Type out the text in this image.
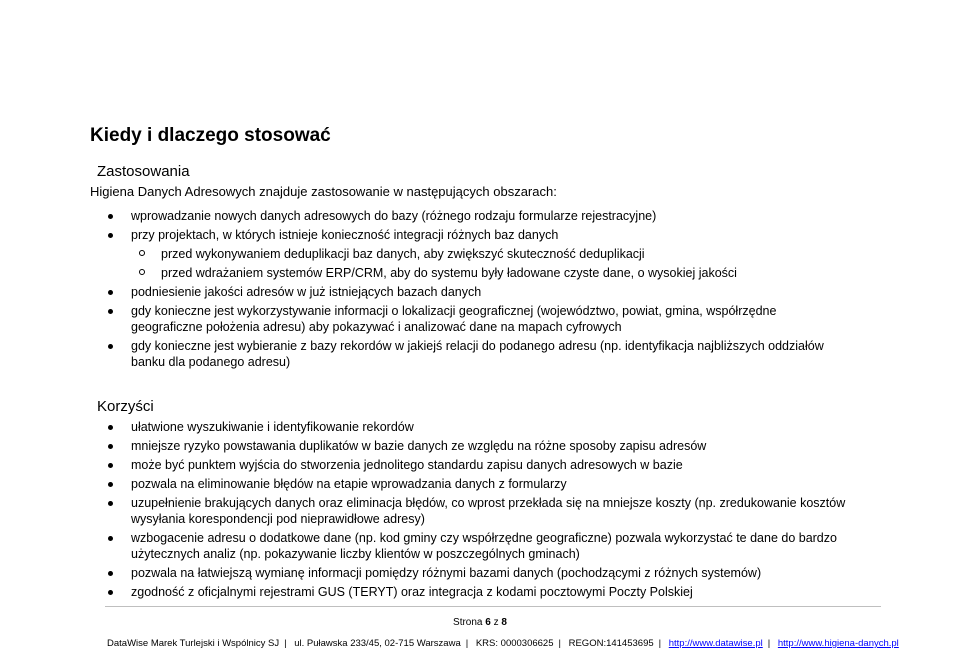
Kiedy i dlaczego stosować
Zastosowania
Higiena Danych Adresowych znajduje zastosowanie w następujących obszarach:
wprowadzanie nowych danych adresowych do bazy (różnego rodzaju formularze rejestracyjne)
przy projektach, w których istnieje konieczność integracji różnych baz danych
przed wykonywaniem deduplikacji baz danych, aby zwiększyć skuteczność deduplikacji
przed wdrażaniem systemów ERP/CRM, aby do systemu były ładowane czyste dane, o wysokiej jakości
podniesienie jakości adresów w już istniejących bazach danych
gdy konieczne jest wykorzystywanie informacji o lokalizacji geograficznej (województwo, powiat, gmina, współrzędne geograficzne położenia adresu) aby pokazywać i analizować dane na mapach cyfrowych
gdy konieczne jest wybieranie z bazy rekordów w jakiejś relacji do podanego adresu (np. identyfikacja najbliższych oddziałów banku dla podanego adresu)
Korzyści
ułatwione wyszukiwanie i identyfikowanie rekordów
mniejsze ryzyko powstawania duplikatów w bazie danych ze względu na różne sposoby zapisu adresów
może być punktem wyjścia do stworzenia jednolitego standardu zapisu danych adresowych w bazie
pozwala na eliminowanie błędów na etapie wprowadzania danych z formularzy
uzupełnienie brakujących danych oraz eliminacja błędów, co wprost przekłada się na mniejsze koszty (np. zredukowanie kosztów wysyłania korespondencji pod nieprawidłowe adresy)
wzbogacenie adresu o dodatkowe dane (np. kod gminy czy współrzędne geograficzne) pozwala wykorzystać te dane do bardzo użytecznych analiz (np. pokazywanie liczby klientów w poszczególnych gminach)
pozwala na łatwiejszą wymianę informacji pomiędzy różnymi bazami danych (pochodzącymi z różnych systemów)
zgodność z oficjalnymi rejestrami GUS (TERYT) oraz integracja z kodami pocztowymi Poczty Polskiej
Strona 6 z 8
DataWise Marek Turlejski i Wspólnicy SJ | ul. Puławska 233/45, 02-715 Warszawa | KRS: 0000306625 | REGON:141453695 | http://www.datawise.pl | http://www.higiena-danych.pl
